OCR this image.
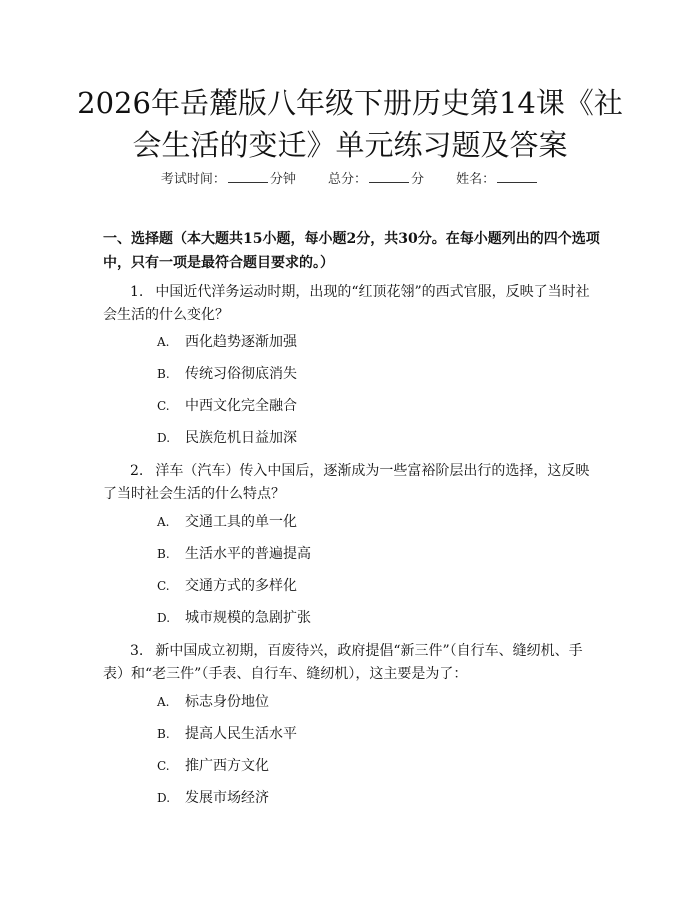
2026年岳麓版八年级下册历史第14课《社会生活的变迁》单元练习题及答案
考试时间：	分钟 总分：	分 姓名：
一、选择题（本大题共15小题，每小题2分，共30分。在每小题列出的四个选项中，只有一项是最符合题目要求的。）
1. 中国近代洋务运动时期，出现的“红顶花翎”的西式官服，反映了当时社会生活的什么变化？
A. 西化趋势逐渐加强
B. 传统习俗彻底消失
C. 中西文化完全融合
D. 民族危机日益加深
2. 洋车（汽车）传入中国后，逐渐成为一些富裕阶层出行的选择，这反映了当时社会生活的什么特点？
A. 交通工具的单一化
B. 生活水平的普遍提高
C. 交通方式的多样化
D. 城市规模的急剧扩张
3. 新中国成立初期，百废待兴，政府提倡“新三件”（自行车、缝纫机、手表）和“老三件”（手表、自行车、缝纫机），这主要是为了：
A. 标志身份地位
B. 提高人民生活水平
C. 推广西方文化
D. 发展市场经济
